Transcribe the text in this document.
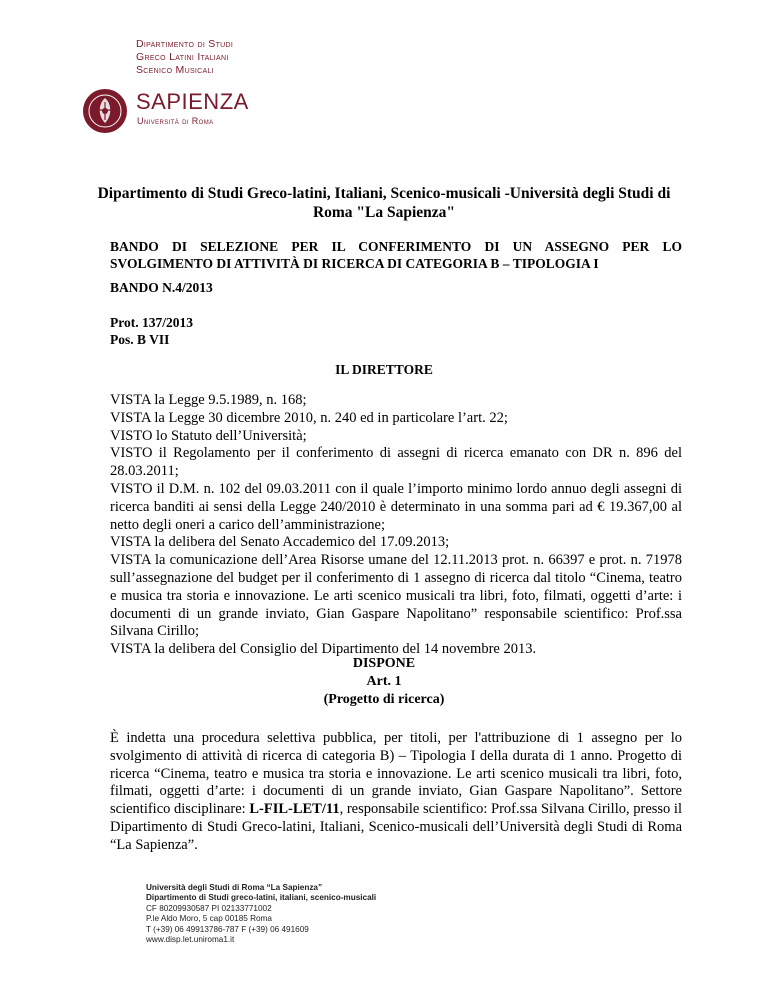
Dipartimento di Studi
Greco Latini Italiani
Scenico Musicali
SAPIENZA
Università di Roma
Dipartimento di Studi Greco-latini, Italiani, Scenico-musicali -Università degli Studi di Roma "La Sapienza"
BANDO DI SELEZIONE PER IL CONFERIMENTO DI UN ASSEGNO PER LO SVOLGIMENTO DI ATTIVITÀ DI RICERCA DI CATEGORIA B – TIPOLOGIA I
BANDO N.4/2013
Prot. 137/2013
Pos. B VII
IL DIRETTORE

VISTA la Legge 9.5.1989, n. 168;

VISTA la Legge 30 dicembre 2010, n. 240 ed in particolare l’art. 22;

VISTO lo Statuto dell’Università;

VISTO il Regolamento per il conferimento di assegni di ricerca emanato con DR n. 896 del 28.03.2011;

VISTO il D.M. n. 102 del 09.03.2011 con il quale l’importo minimo lordo annuo degli assegni di ricerca banditi ai sensi della Legge 240/2010 è determinato in una somma pari ad € 19.367,00 al netto degli oneri a carico dell’amministrazione;

VISTA la delibera del Senato Accademico del 17.09.2013;

VISTA la comunicazione dell’Area Risorse umane del 12.11.2013 prot. n. 66397 e prot. n. 71978 sull’assegnazione del budget per il conferimento di 1 assegno di ricerca dal titolo “Cinema, teatro e musica tra storia e innovazione. Le arti scenico musicali tra libri, foto, filmati, oggetti d’arte: i documenti di un grande inviato, Gian Gaspare Napolitano” responsabile scientifico: Prof.ssa Silvana Cirillo;

VISTA la delibera del Consiglio del Dipartimento del 14 novembre 2013.

DISPONE
Art. 1
(Progetto di ricerca)
È indetta una procedura selettiva pubblica, per titoli, per l'attribuzione di 1 assegno per lo svolgimento di attività di ricerca di categoria B) – Tipologia I della durata di 1 anno. Progetto di ricerca “Cinema, teatro e musica tra storia e innovazione. Le arti scenico musicali tra libri, foto, filmati, oggetti d’arte: i documenti di un grande inviato, Gian Gaspare Napolitano”. Settore scientifico disciplinare: L-FIL-LET/11, responsabile scientifico: Prof.ssa Silvana Cirillo, presso il Dipartimento di Studi Greco-latini, Italiani, Scenico-musicali dell’Università degli Studi di Roma “La Sapienza”.
Università degli Studi di Roma “La Sapienza”
Dipartimento di Studi greco-latini, italiani, scenico-musicali
CF 80209930587 PI 02133771002
P.le Aldo Moro, 5 cap 00185 Roma
T (+39) 06 49913786-787 F (+39) 06 491609
www.disp.let.uniroma1.it
